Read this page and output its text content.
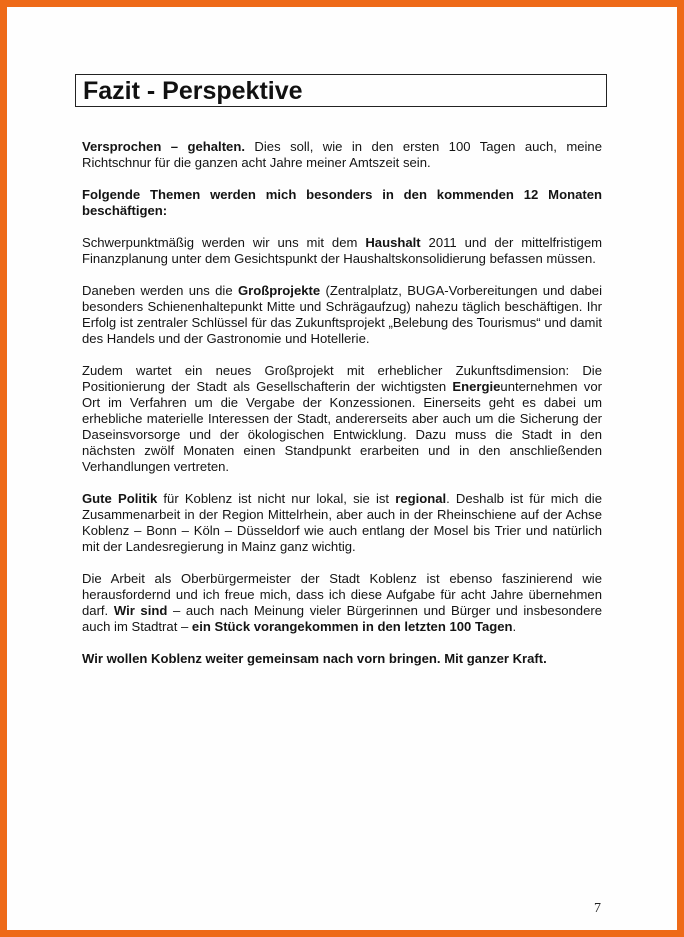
Fazit - Perspektive

Versprochen – gehalten. Dies soll, wie in den ersten 100 Tagen auch, meine Richtschnur für die ganzen acht Jahre meiner Amtszeit sein.

Folgende Themen werden mich besonders in den kommenden 12 Monaten beschäftigen:

Schwerpunktmäßig werden wir uns mit dem Haushalt 2011 und der mittelfristigem Finanzplanung unter dem Gesichtspunkt der Haushaltskonsolidierung befassen müssen.

Daneben werden uns die Großprojekte (Zentralplatz, BUGA-Vorbereitungen und dabei besonders Schienenhaltepunkt Mitte und Schrägaufzug) nahezu täglich beschäftigen. Ihr Erfolg ist zentraler Schlüssel für das Zukunftsprojekt „Belebung des Tourismus“ und damit des Handels und der Gastronomie und Hotellerie.

Zudem wartet ein neues Großprojekt mit erheblicher Zukunftsdimension: Die Positionierung der Stadt als Gesellschafterin der wichtigsten Energieunternehmen vor Ort im Verfahren um die Vergabe der Konzessionen. Einerseits geht es dabei um erhebliche materielle Interessen der Stadt, andererseits aber auch um die Sicherung der Daseinsvorsorge und der ökologischen Entwicklung. Dazu muss die Stadt in den nächsten zwölf Monaten einen Standpunkt erarbeiten und in den anschließenden Verhandlungen vertreten.

Gute Politik für Koblenz ist nicht nur lokal, sie ist regional. Deshalb ist für mich die Zusammenarbeit in der Region Mittelrhein, aber auch in der Rheinschiene auf der Achse Koblenz – Bonn – Köln – Düsseldorf wie auch entlang der Mosel bis Trier und natürlich mit der Landesregierung in Mainz ganz wichtig.

Die Arbeit als Oberbürgermeister der Stadt Koblenz ist ebenso faszinierend wie herausfordernd und ich freue mich, dass ich diese Aufgabe für acht Jahre übernehmen darf. Wir sind – auch nach Meinung vieler Bürgerinnen und Bürger und insbesondere auch im Stadtrat – ein Stück vorangekommen in den letzten 100 Tagen.

Wir wollen Koblenz weiter gemeinsam nach vorn bringen. Mit ganzer Kraft.

7
